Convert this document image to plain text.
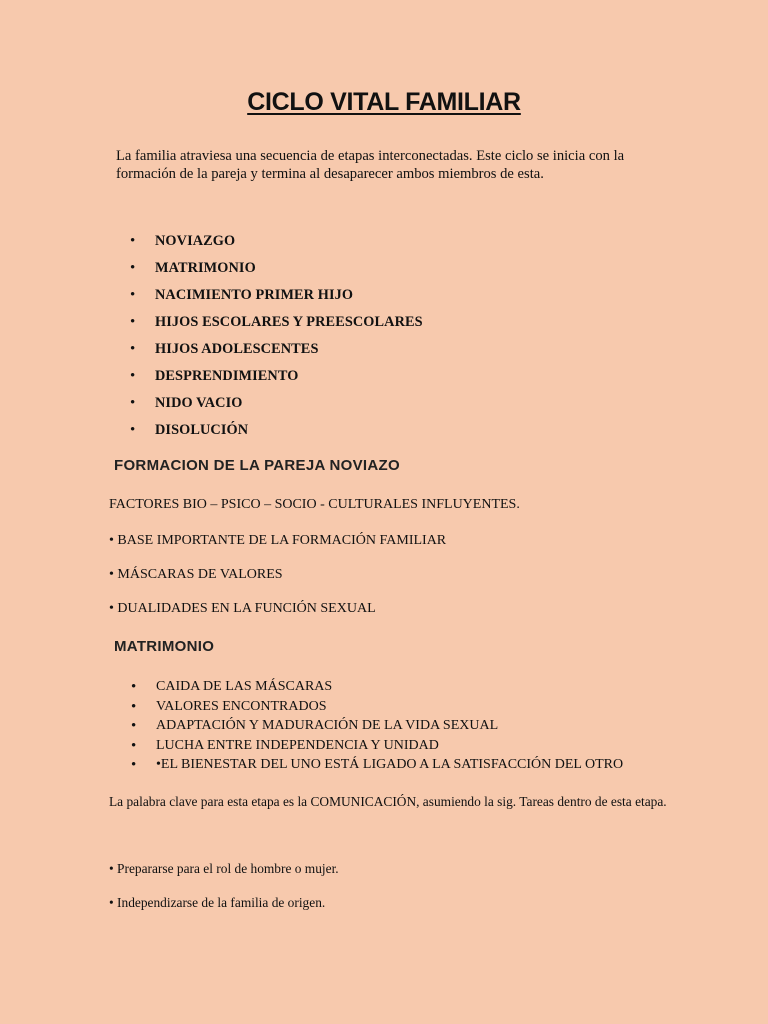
CICLO VITAL FAMILIAR
La familia atraviesa una secuencia de etapas interconectadas. Este ciclo se inicia con la formación de la pareja y termina al desaparecer ambos miembros de esta.
•	NOVIAZGO
•	MATRIMONIO
•	NACIMIENTO PRIMER HIJO
•	HIJOS ESCOLARES Y PREESCOLARES
•	HIJOS ADOLESCENTES
•	DESPRENDIMIENTO
•	NIDO VACIO
•	DISOLUCIÓN
FORMACION DE LA PAREJA NOVIAZO
FACTORES BIO – PSICO – SOCIO - CULTURALES INFLUYENTES.
• BASE IMPORTANTE DE LA FORMACIÓN FAMILIAR
• MÁSCARAS DE VALORES
• DUALIDADES EN LA FUNCIÓN SEXUAL
MATRIMONIO
•	CAIDA DE LAS MÁSCARAS
•	VALORES ENCONTRADOS
•	ADAPTACIÓN Y MADURACIÓN DE LA VIDA SEXUAL
•	LUCHA ENTRE INDEPENDENCIA Y UNIDAD
•	•EL BIENESTAR DEL UNO ESTÁ LIGADO A LA SATISFACCIÓN DEL OTRO
La palabra clave para esta etapa es la COMUNICACIÓN, asumiendo la sig. Tareas dentro de esta etapa.
• Prepararse para el rol de hombre o mujer.
• Independizarse de la familia de origen.
